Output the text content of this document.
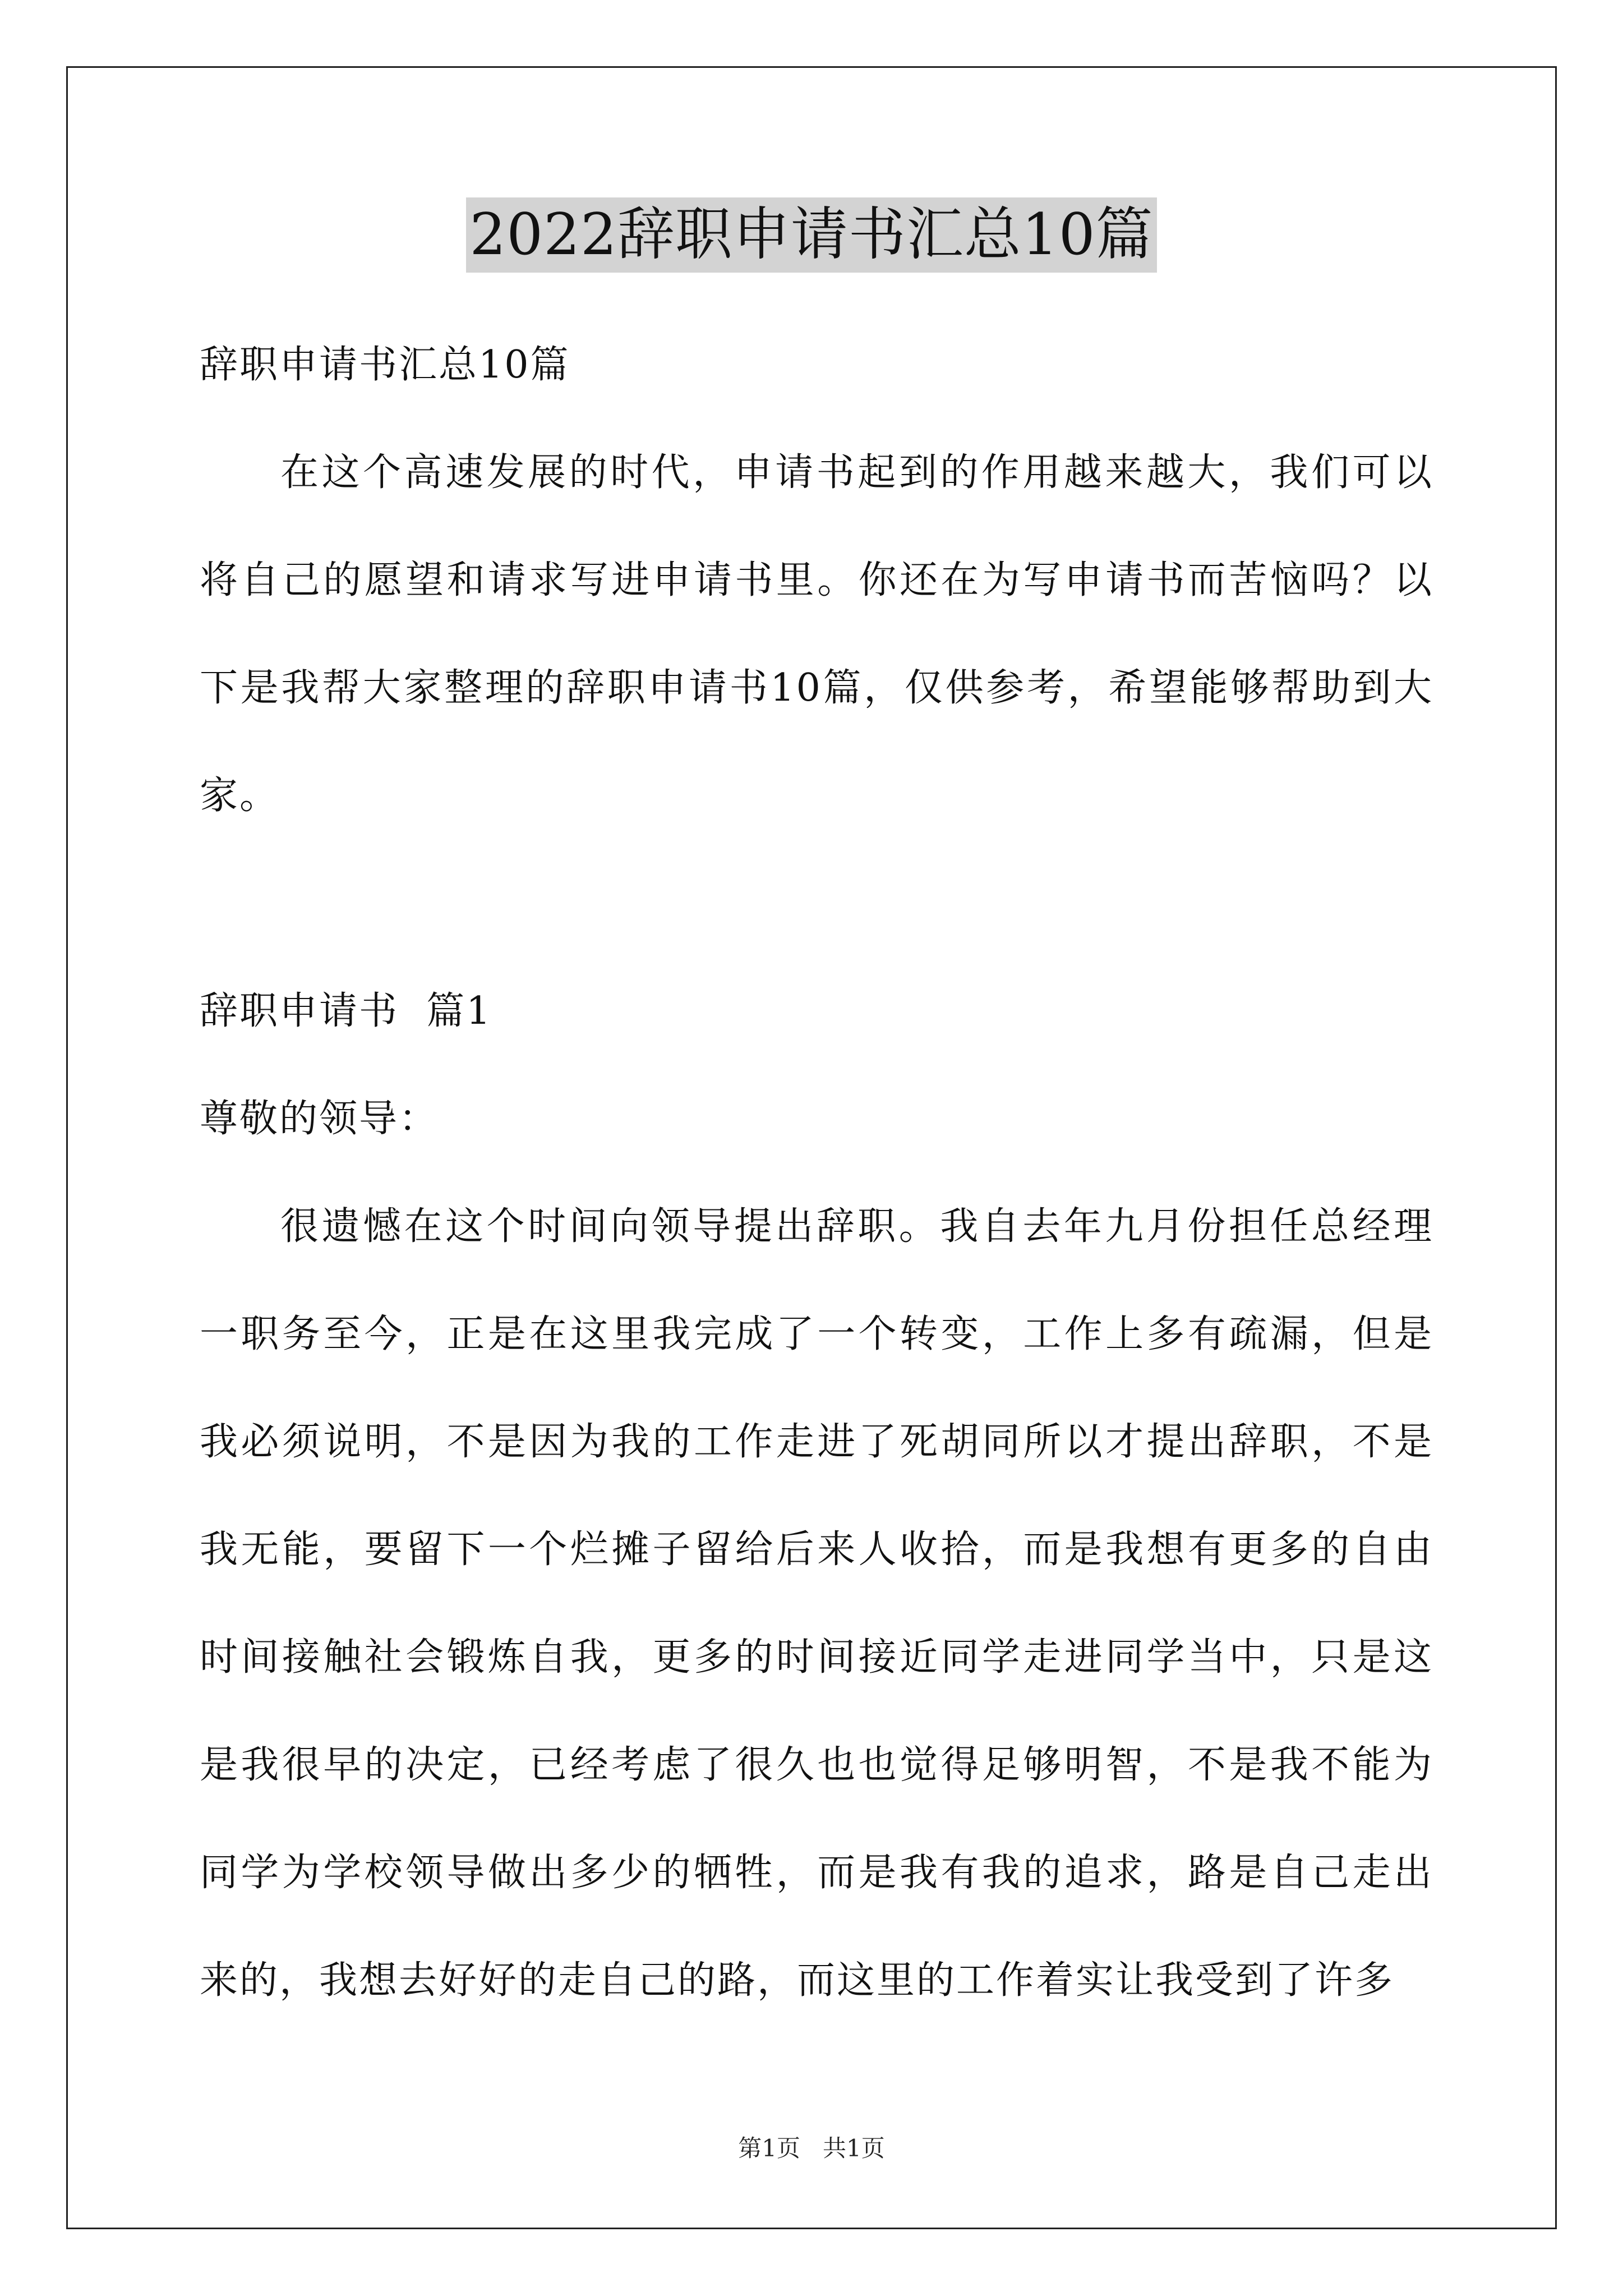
2022辞职申请书汇总10篇

辞职申请书汇总10篇

在这个高速发展的时代，申请书起到的作用越来越大，我们可以将自己的愿望和请求写进申请书里。你还在为写申请书而苦恼吗？以下是我帮大家整理的辞职申请书10篇，仅供参考，希望能够帮助到大家。

辞职申请书  篇1

尊敬的领导：

很遗憾在这个时间向领导提出辞职。我自去年九月份担任总经理一职务至今，正是在这里我完成了一个转变，工作上多有疏漏，但是我必须说明，不是因为我的工作走进了死胡同所以才提出辞职，不是我无能，要留下一个烂摊子留给后来人收拾，而是我想有更多的自由时间接触社会锻炼自我，更多的时间接近同学走进同学当中，只是这是我很早的决定，已经考虑了很久也也觉得足够明智，不是我不能为同学为学校领导做出多少的牺牲，而是我有我的追求，路是自己走出来的，我想去好好的走自己的路，而这里的工作着实让我受到了许多

第1页   共1页
